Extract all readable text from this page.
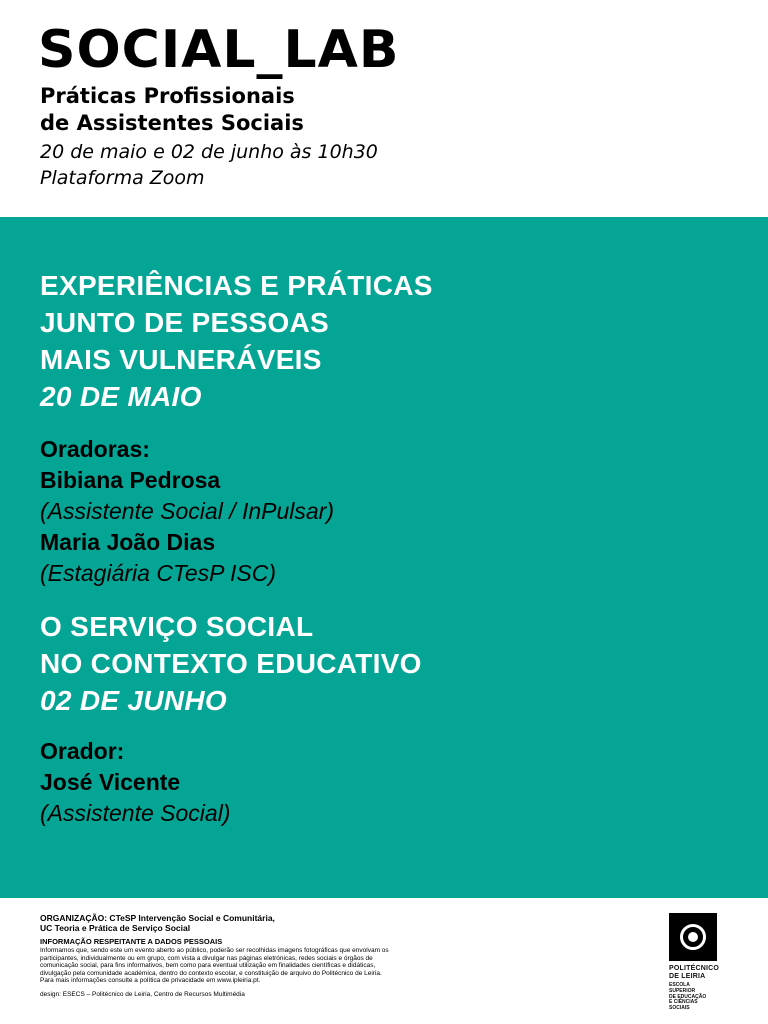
SOCIAL_LAB
Práticas Profissionais
de Assistentes Sociais
20 de maio e 02 de junho às 10h30
Plataforma Zoom
EXPERIÊNCIAS E PRÁTICAS
JUNTO DE PESSOAS
MAIS VULNERÁVEIS
20 DE MAIO
Oradoras:
Bibiana Pedrosa
(Assistente Social / InPulsar)
Maria João Dias
(Estagiária CTesP ISC)
O SERVIÇO SOCIAL
NO CONTEXTO EDUCATIVO
02 DE JUNHO
Orador:
José Vicente
(Assistente Social)
ORGANIZAÇÃO: CTeSP Intervenção Social e Comunitária,
UC Teoria e Prática de Serviço Social
INFORMAÇÃO RESPEITANTE A DADOS PESSOAIS
Informamos que, sendo este um evento aberto ao público, poderão ser recolhidas imagens fotográficas que envolvam os
participantes, individualmente ou em grupo, com vista a divulgar nas páginas eletrónicas, redes sociais e órgãos de
comunicação social, para fins informativos, bem como para eventual utilização em finalidades científicas e didáticas,
divulgação pela comunidade académica, dentro do contexto escolar, e constituição de arquivo do Politécnico de Leiria.
Para mais informações consulte a política de privacidade em www.ipleiria.pt.
design: ESECS – Politécnico de Leiria, Centro de Recursos Multimédia
POLITÉCNICO
DE LEIRIA
ESCOLA SUPERIOR
DE EDUCAÇÃO
E CIÊNCIAS SOCIAIS
